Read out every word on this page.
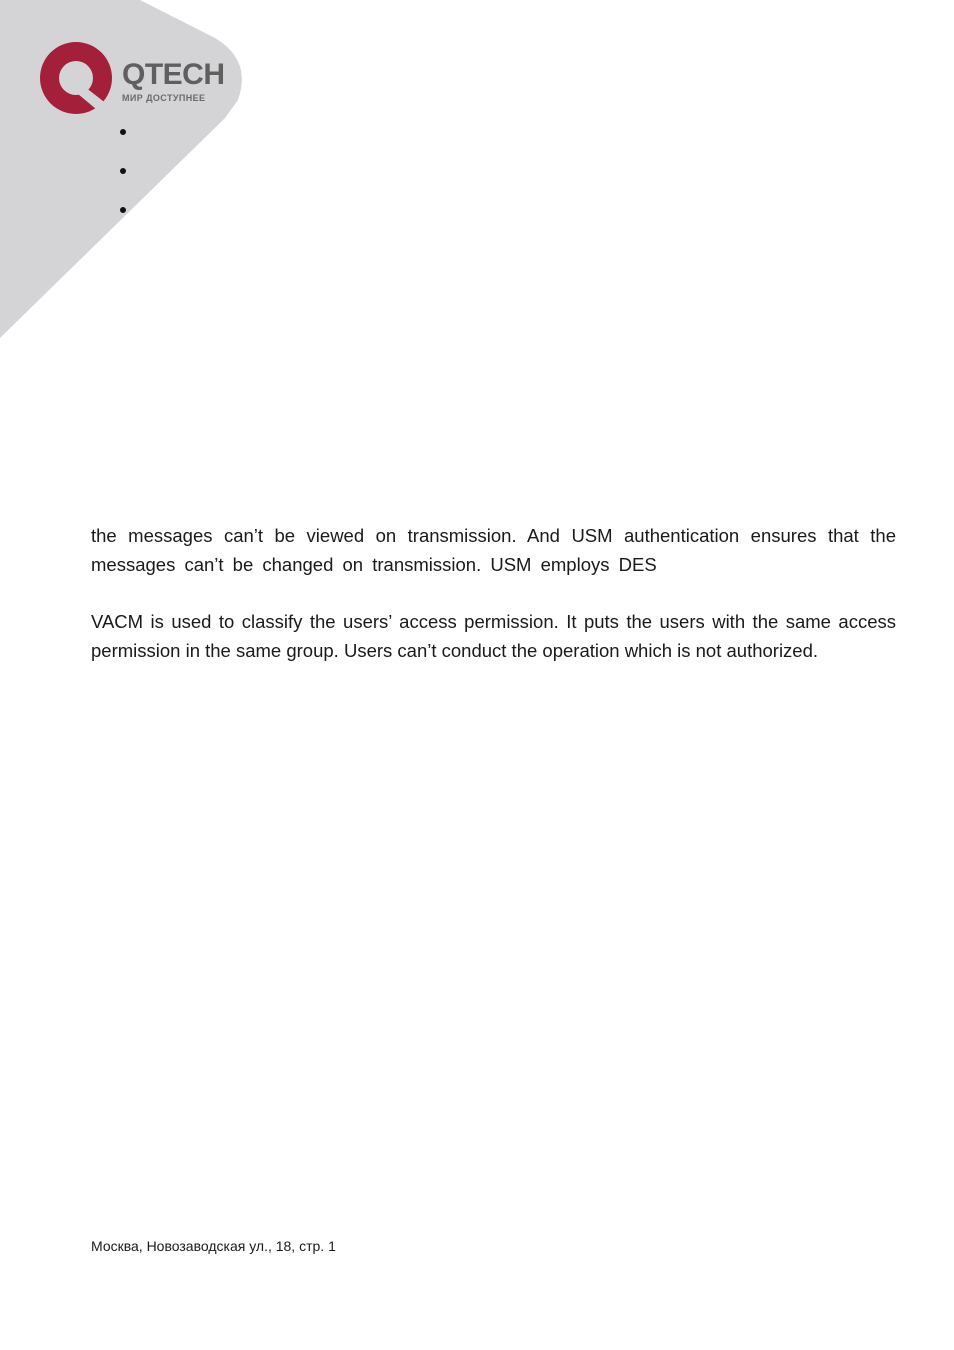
QTECH
МИР ДОСТУПНЕЕ

the messages can’t be viewed on transmission. And USM authentication ensures that the messages can’t be changed on transmission. USM employs DES

VACM is used to classify the users’ access permission. It puts the users with the same access permission in the same group. Users can’t conduct the operation which is not authorized.

Москва, Новозаводская ул., 18, стр. 1
